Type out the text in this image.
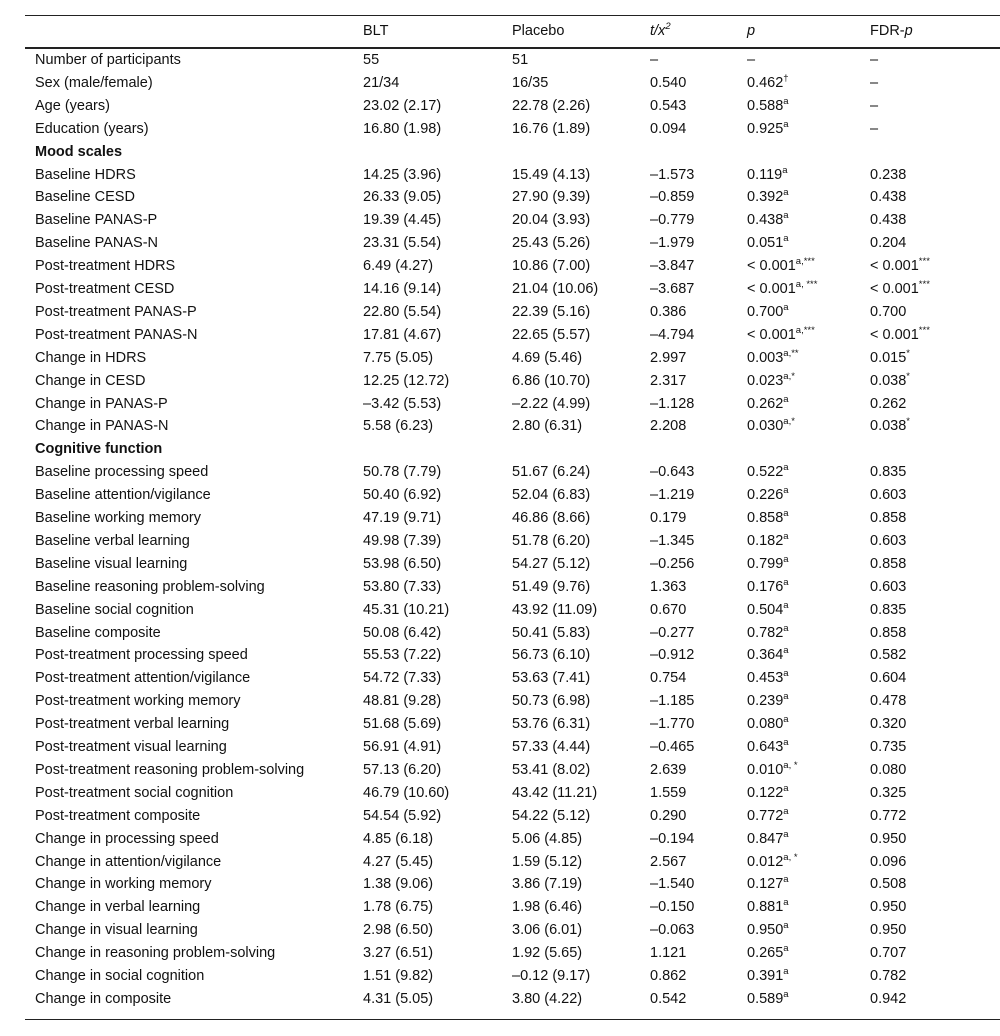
BLT	Placebo	$t/x^2$	p	FDR-p
Number of participants	55	51	–	–	–
Sex (male/female)	21/34	16/35	0.540	0.462†	–
Age (years)	23.02 (2.17)	22.78 (2.26)	0.543	0.588$^a$	–
Education (years)	16.80 (1.98)	16.76 (1.89)	0.094	0.925$^a$	–
Mood scales
Baseline HDRS	14.25 (3.96)	15.49 (4.13)	–1.573	0.119$^a$	0.238
Baseline CESD	26.33 (9.05)	27.90 (9.39)	–0.859	0.392$^a$	0.438
Baseline PANAS-P	19.39 (4.45)	20.04 (3.93)	–0.779	0.438$^a$	0.438
Baseline PANAS-N	23.31 (5.54)	25.43 (5.26)	–1.979	0.051$^a$	0.204
Post-treatment HDRS	6.49 (4.27)	10.86 (7.00)	–3.847	< $0.001^{a,***}$	< 0.001***
Post-treatment CESD	14.16 (9.14)	21.04 (10.06)	–3.687	< $0.001^{a, ***}$	< 0.001***
Post-treatment PANAS-P	22.80 (5.54)	22.39 (5.16)	0.386	0.700$^a$	0.700
Post-treatment PANAS-N	17.81 (4.67)	22.65 (5.57)	–4.794	< $0.001^{a,***}$	< 0.001***
Change in HDRS	7.75 (5.05)	4.69 (5.46)	2.997	$0.003^{a,**}$	0.015*
Change in CESD	12.25 (12.72)	6.86 (10.70)	2.317	$0.023^{a,*}$	0.038*
Change in PANAS-P	–3.42 (5.53)	–2.22 (4.99)	–1.128	0.262$^a$	0.262
Change in PANAS-N	5.58 (6.23)	2.80 (6.31)	2.208	$0.030^{a,*}$	0.038*
Cognitive function
Baseline processing speed	50.78 (7.79)	51.67 (6.24)	–0.643	0.522$^a$	0.835
Baseline attention/vigilance	50.40 (6.92)	52.04 (6.83)	–1.219	0.226$^a$	0.603
Baseline working memory	47.19 (9.71)	46.86 (8.66)	0.179	0.858$^a$	0.858
Baseline verbal learning	49.98 (7.39)	51.78 (6.20)	–1.345	0.182$^a$	0.603
Baseline visual learning	53.98 (6.50)	54.27 (5.12)	–0.256	0.799$^a$	0.858
Baseline reasoning problem-solving	53.80 (7.33)	51.49 (9.76)	1.363	0.176$^a$	0.603
Baseline social cognition	45.31 (10.21)	43.92 (11.09)	0.670	0.504$^a$	0.835
Baseline composite	50.08 (6.42)	50.41 (5.83)	–0.277	0.782$^a$	0.858
Post-treatment processing speed	55.53 (7.22)	56.73 (6.10)	–0.912	0.364$^a$	0.582
Post-treatment attention/vigilance	54.72 (7.33)	53.63 (7.41)	0.754	0.453$^a$	0.604
Post-treatment working memory	48.81 (9.28)	50.73 (6.98)	–1.185	0.239$^a$	0.478
Post-treatment verbal learning	51.68 (5.69)	53.76 (6.31)	–1.770	0.080$^a$	0.320
Post-treatment visual learning	56.91 (4.91)	57.33 (4.44)	–0.465	0.643$^a$	0.735
Post-treatment reasoning problem-solving	57.13 (6.20)	53.41 (8.02)	2.639	$0.010^{a, *}$	0.080
Post-treatment social cognition	46.79 (10.60)	43.42 (11.21)	1.559	0.122$^a$	0.325
Post-treatment composite	54.54 (5.92)	54.22 (5.12)	0.290	0.772$^a$	0.772
Change in processing speed	4.85 (6.18)	5.06 (4.85)	–0.194	0.847$^a$	0.950
Change in attention/vigilance	4.27 (5.45)	1.59 (5.12)	2.567	$0.012^{a, *}$	0.096
Change in working memory	1.38 (9.06)	3.86 (7.19)	–1.540	0.127$^a$	0.508
Change in verbal learning	1.78 (6.75)	1.98 (6.46)	–0.150	0.881$^a$	0.950
Change in visual learning	2.98 (6.50)	3.06 (6.01)	–0.063	0.950$^a$	0.950
Change in reasoning problem-solving	3.27 (6.51)	1.92 (5.65)	1.121	0.265$^a$	0.707
Change in social cognition	1.51 (9.82)	–0.12 (9.17)	0.862	0.391$^a$	0.782
Change in composite	4.31 (5.05)	3.80 (4.22)	0.542	0.589$^a$	0.942
